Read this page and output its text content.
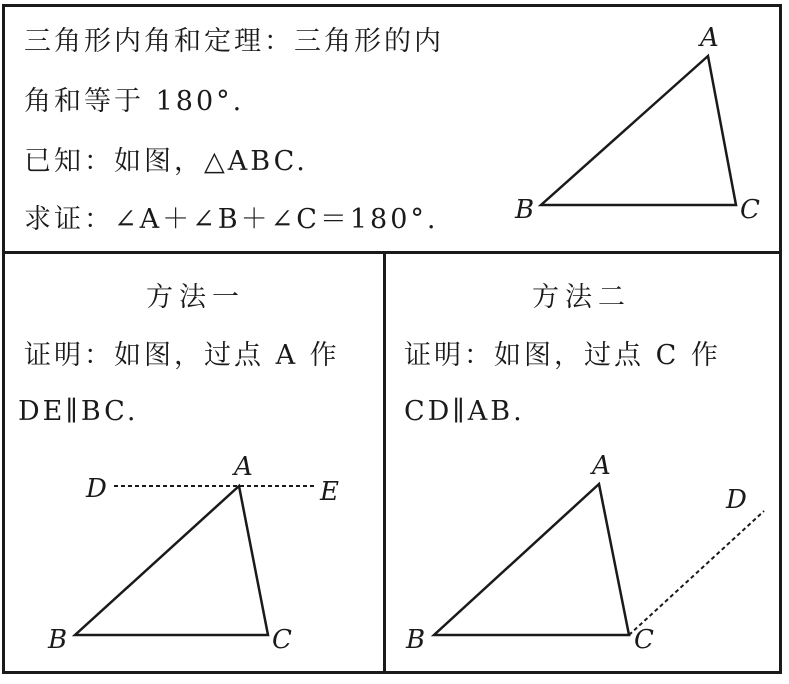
三角形内角和定理：三角形的内
角和等于 180°.
已知：如图，△ABC.
求证：∠A＋∠B＋∠C＝180°.
方法一
证明：如图，过点 A 作
DE∥BC.
方法二
证明：如图，过点 C 作
CD∥AB.
A
B	C
D
A
E
B	C
A
D
B	C
